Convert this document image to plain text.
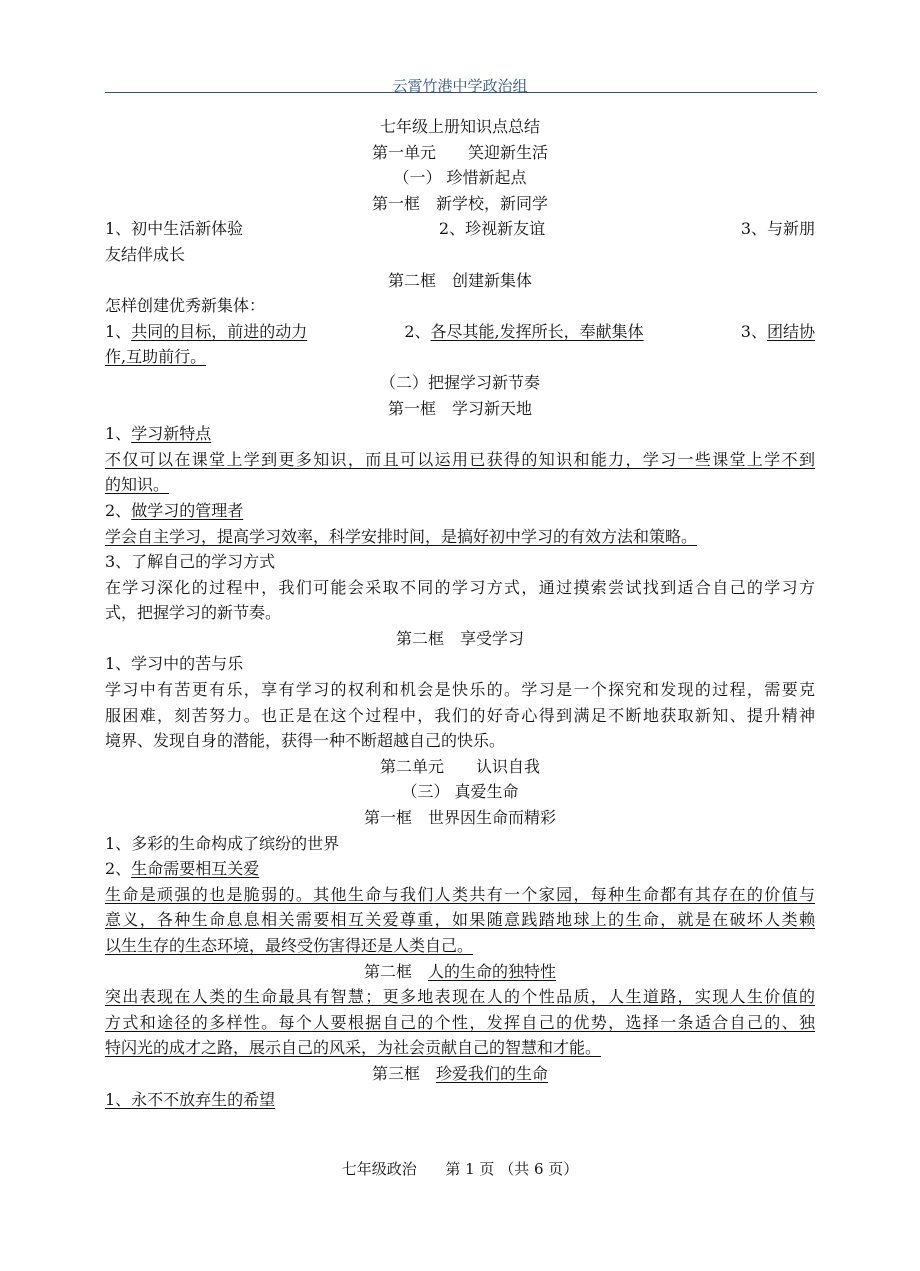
云霄竹港中学政治组
七年级上册知识点总结
第一单元　　笑迎新生活
（一） 珍惜新起点
第一框　新学校，新同学
1、初中生活新体验	2、珍视新友谊	3、与新朋
友结伴成长
第二框　创建新集体
怎样创建优秀新集体：
1、共同的目标，前进的动力	2、各尽其能,发挥所长，奉献集体	3、团结协
作,互助前行。
（二）把握学习新节奏
第一框　学习新天地
1、学习新特点
不仅可以在课堂上学到更多知识，而且可以运用已获得的知识和能力，学习一些课堂上学不到
的知识。
2、做学习的管理者
学会自主学习，提高学习效率，科学安排时间，是搞好初中学习的有效方法和策略。
3、了解自己的学习方式
在学习深化的过程中，我们可能会采取不同的学习方式，通过摸索尝试找到适合自己的学习方
式，把握学习的新节奏。
第二框　享受学习
1、学习中的苦与乐
学习中有苦更有乐，享有学习的权利和机会是快乐的。学习是一个探究和发现的过程，需要克
服困难，刻苦努力。也正是在这个过程中，我们的好奇心得到满足不断地获取新知、提升精神
境界、发现自身的潜能，获得一种不断超越自己的快乐。
第二单元　　认识自我
（三） 真爱生命
第一框　世界因生命而精彩
1、多彩的生命构成了缤纷的世界
2、生命需要相互关爱
生命是顽强的也是脆弱的。其他生命与我们人类共有一个家园，每种生命都有其存在的价值与
意义，各种生命息息相关需要相互关爱尊重，如果随意践踏地球上的生命，就是在破坏人类赖
以生生存的生态环境，最终受伤害得还是人类自己。
第二框　人的生命的独特性
突出表现在人类的生命最具有智慧；更多地表现在人的个性品质，人生道路，实现人生价值的
方式和途径的多样性。每个人要根据自己的个性，发挥自己的优势，选择一条适合自己的、独
特闪光的成才之路，展示自己的风采，为社会贡献自己的智慧和才能。
第三框　珍爱我们的生命
1、永不不放弃生的希望
七年级政治 第 1 页 （共 6 页）
